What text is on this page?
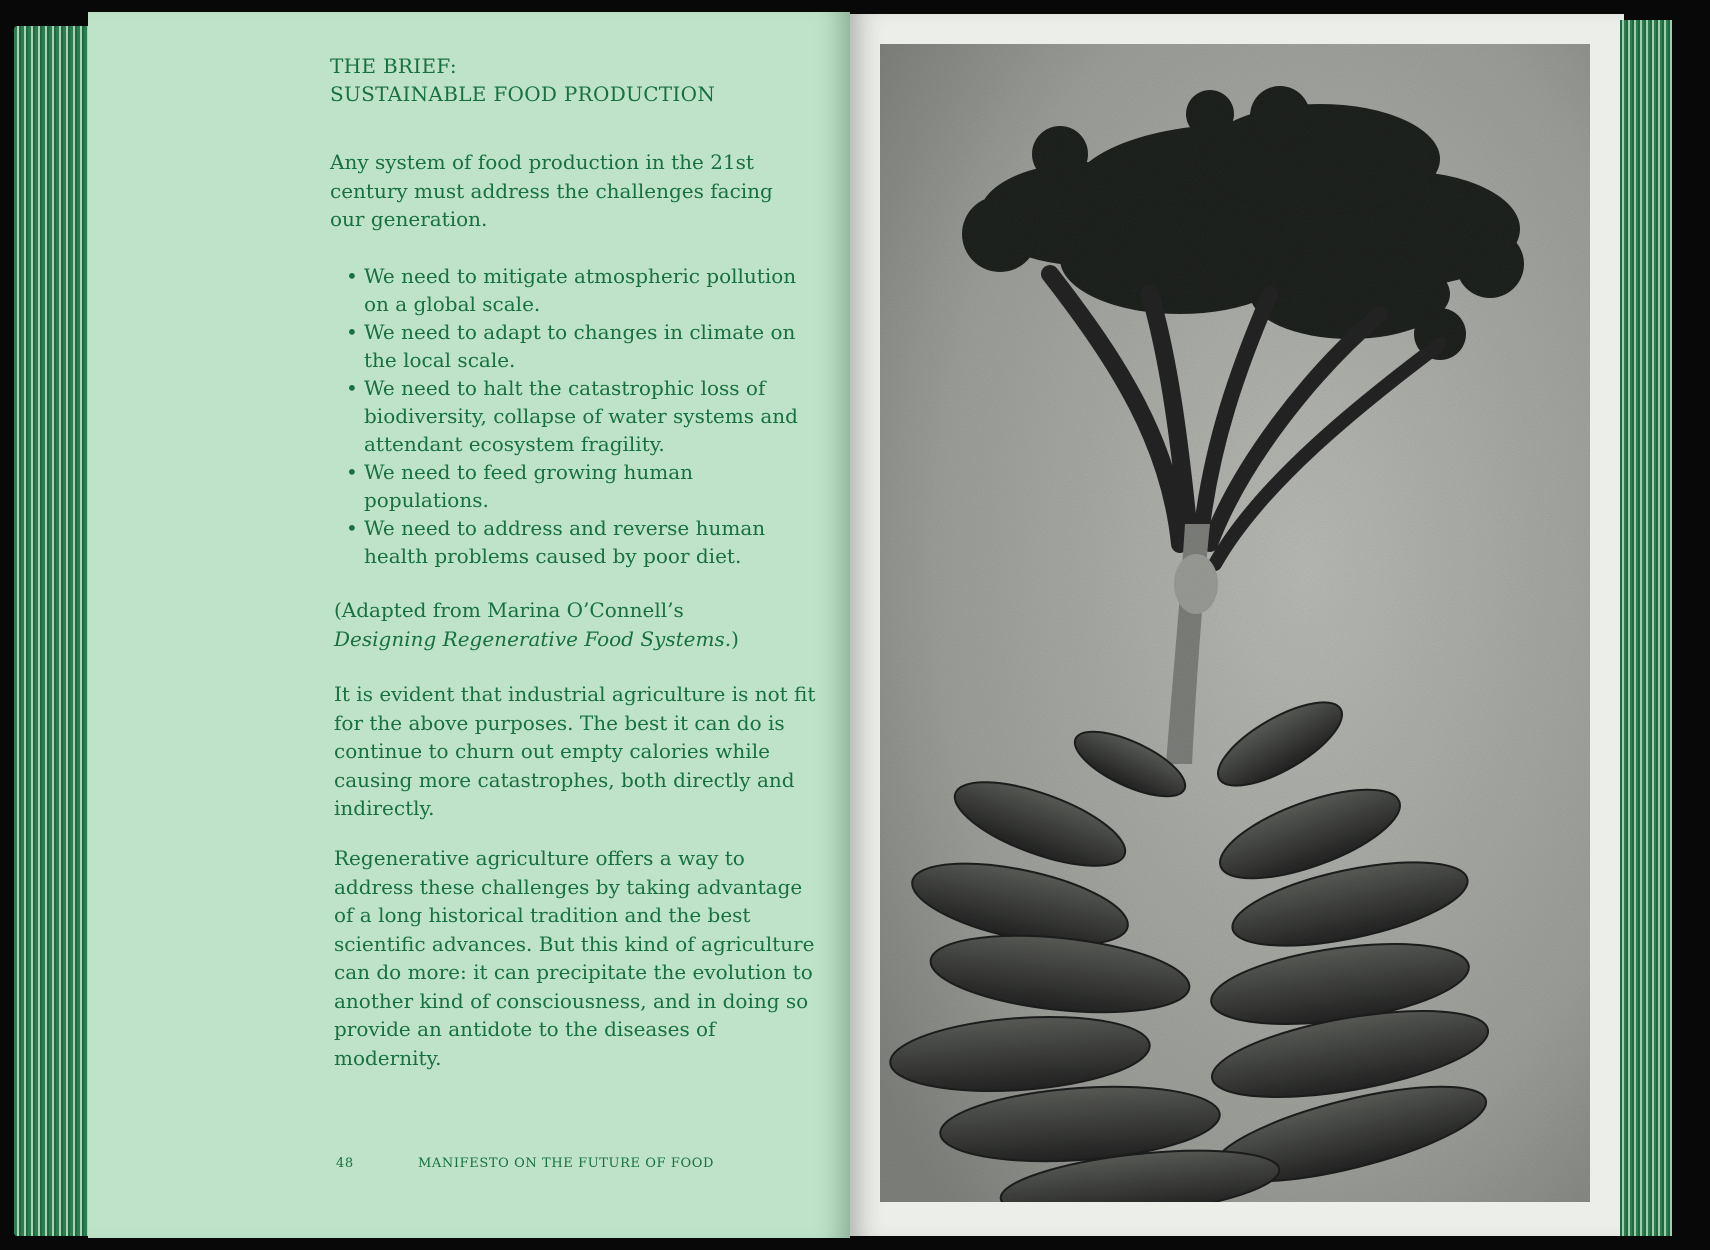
THE BRIEF:
SUSTAINABLE FOOD PRODUCTION

Any system of food production in the 21st century must address the challenges facing our generation.

• We need to mitigate atmospheric pollution on a global scale.
• We need to adapt to changes in climate on the local scale.
• We need to halt the catastrophic loss of biodiversity, collapse of water systems and attendant ecosystem fragility.
• We need to feed growing human populations.
• We need to address and reverse human health problems caused by poor diet.

(Adapted from Marina O’Connell’s
Designing Regenerative Food Systems.)

It is evident that industrial agriculture is not fit for the above purposes. The best it can do is continue to churn out empty calories while causing more catastrophes, both directly and indirectly.

Regenerative agriculture offers a way to address these challenges by taking advantage of a long historical tradition and the best scientific advances. But this kind of agriculture can do more: it can precipitate the evolution to another kind of consciousness, and in doing so provide an antidote to the diseases of modernity.

48	MANIFESTO ON THE FUTURE OF FOOD
